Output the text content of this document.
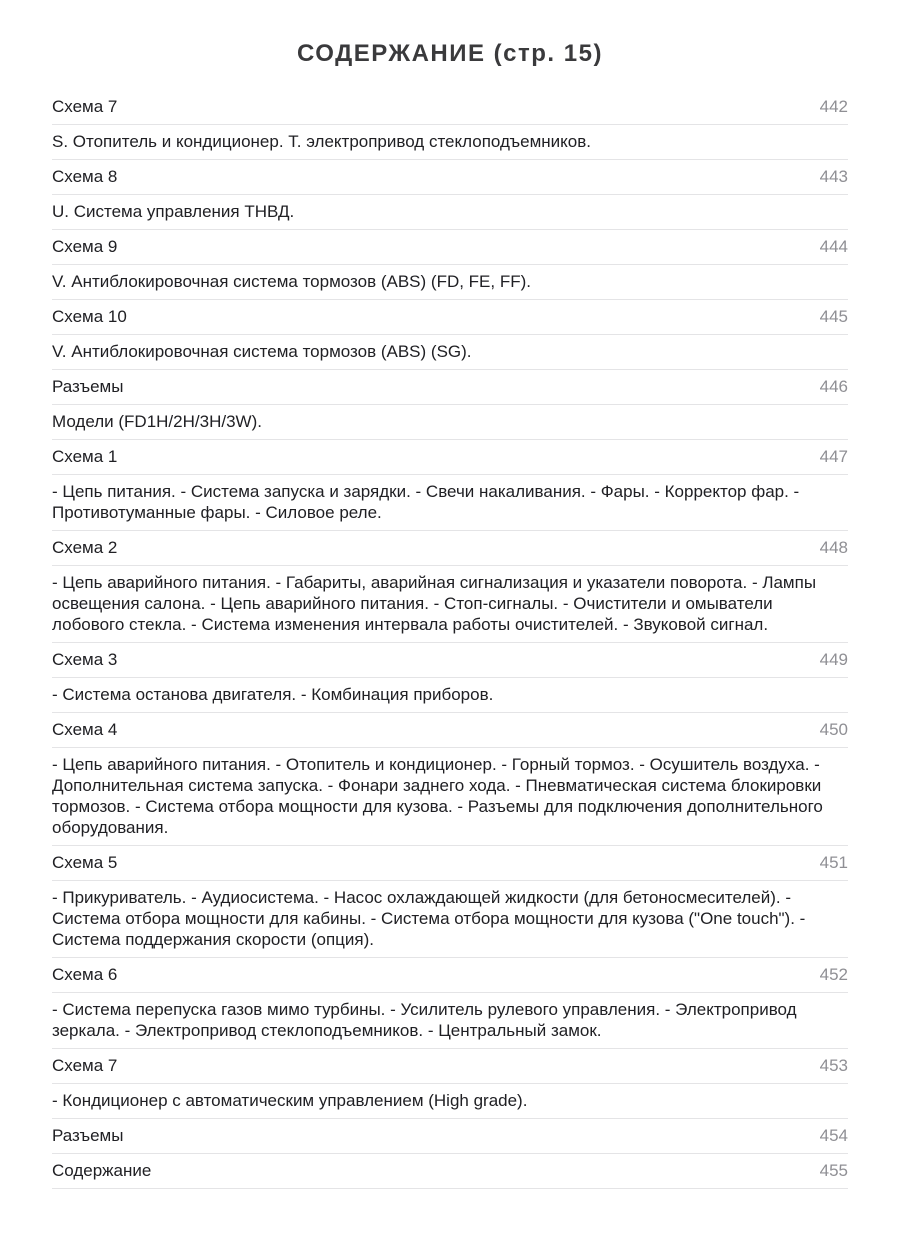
СОДЕРЖАНИЕ (стр. 15)
Схема 7	442
S. Отопитель и кондиционер. Т. электропривод стеклоподъемников.
Схема 8	443
U. Система управления ТНВД.
Схема 9	444
V. Антиблокировочная система тормозов (ABS) (FD, FE, FF).
Схема 10	445
V. Антиблокировочная система тормозов (ABS) (SG).
Разъемы	446
Модели (FD1H/2H/3H/3W).
Схема 1	447
- Цепь питания. - Система запуска и зарядки. - Свечи накаливания. - Фары. - Корректор фар. - Противотуманные фары. - Силовое реле.
Схема 2	448
- Цепь аварийного питания. - Габариты, аварийная сигнализация и указатели поворота. - Лампы освещения салона. - Цепь аварийного питания. - Стоп-сигналы. - Очистители и омыватели лобового стекла. - Система изменения интервала работы очистителей. - Звуковой сигнал.
Схема 3	449
- Система останова двигателя. - Комбинация приборов.
Схема 4	450
- Цепь аварийного питания. - Отопитель и кондиционер. - Горный тормоз. - Осушитель воздуха. - Дополнительная система запуска. - Фонари заднего хода. - Пневматическая система блокировки тормозов. - Система отбора мощности для кузова. - Разъемы для подключения дополнительного оборудования.
Схема 5	451
- Прикуриватель. - Аудиосистема. - Насос охлаждающей жидкости (для бетоносмесителей). - Система отбора мощности для кабины. - Система отбора мощности для кузова ("One touch"). - Система поддержания скорости (опция).
Схема 6	452
- Система перепуска газов мимо турбины. - Усилитель рулевого управления. - Электропривод зеркала. - Электропривод стеклоподъемников. - Центральный замок.
Схема 7	453
- Кондиционер с автоматическим управлением (High grade).
Разъемы	454
Содержание	455
